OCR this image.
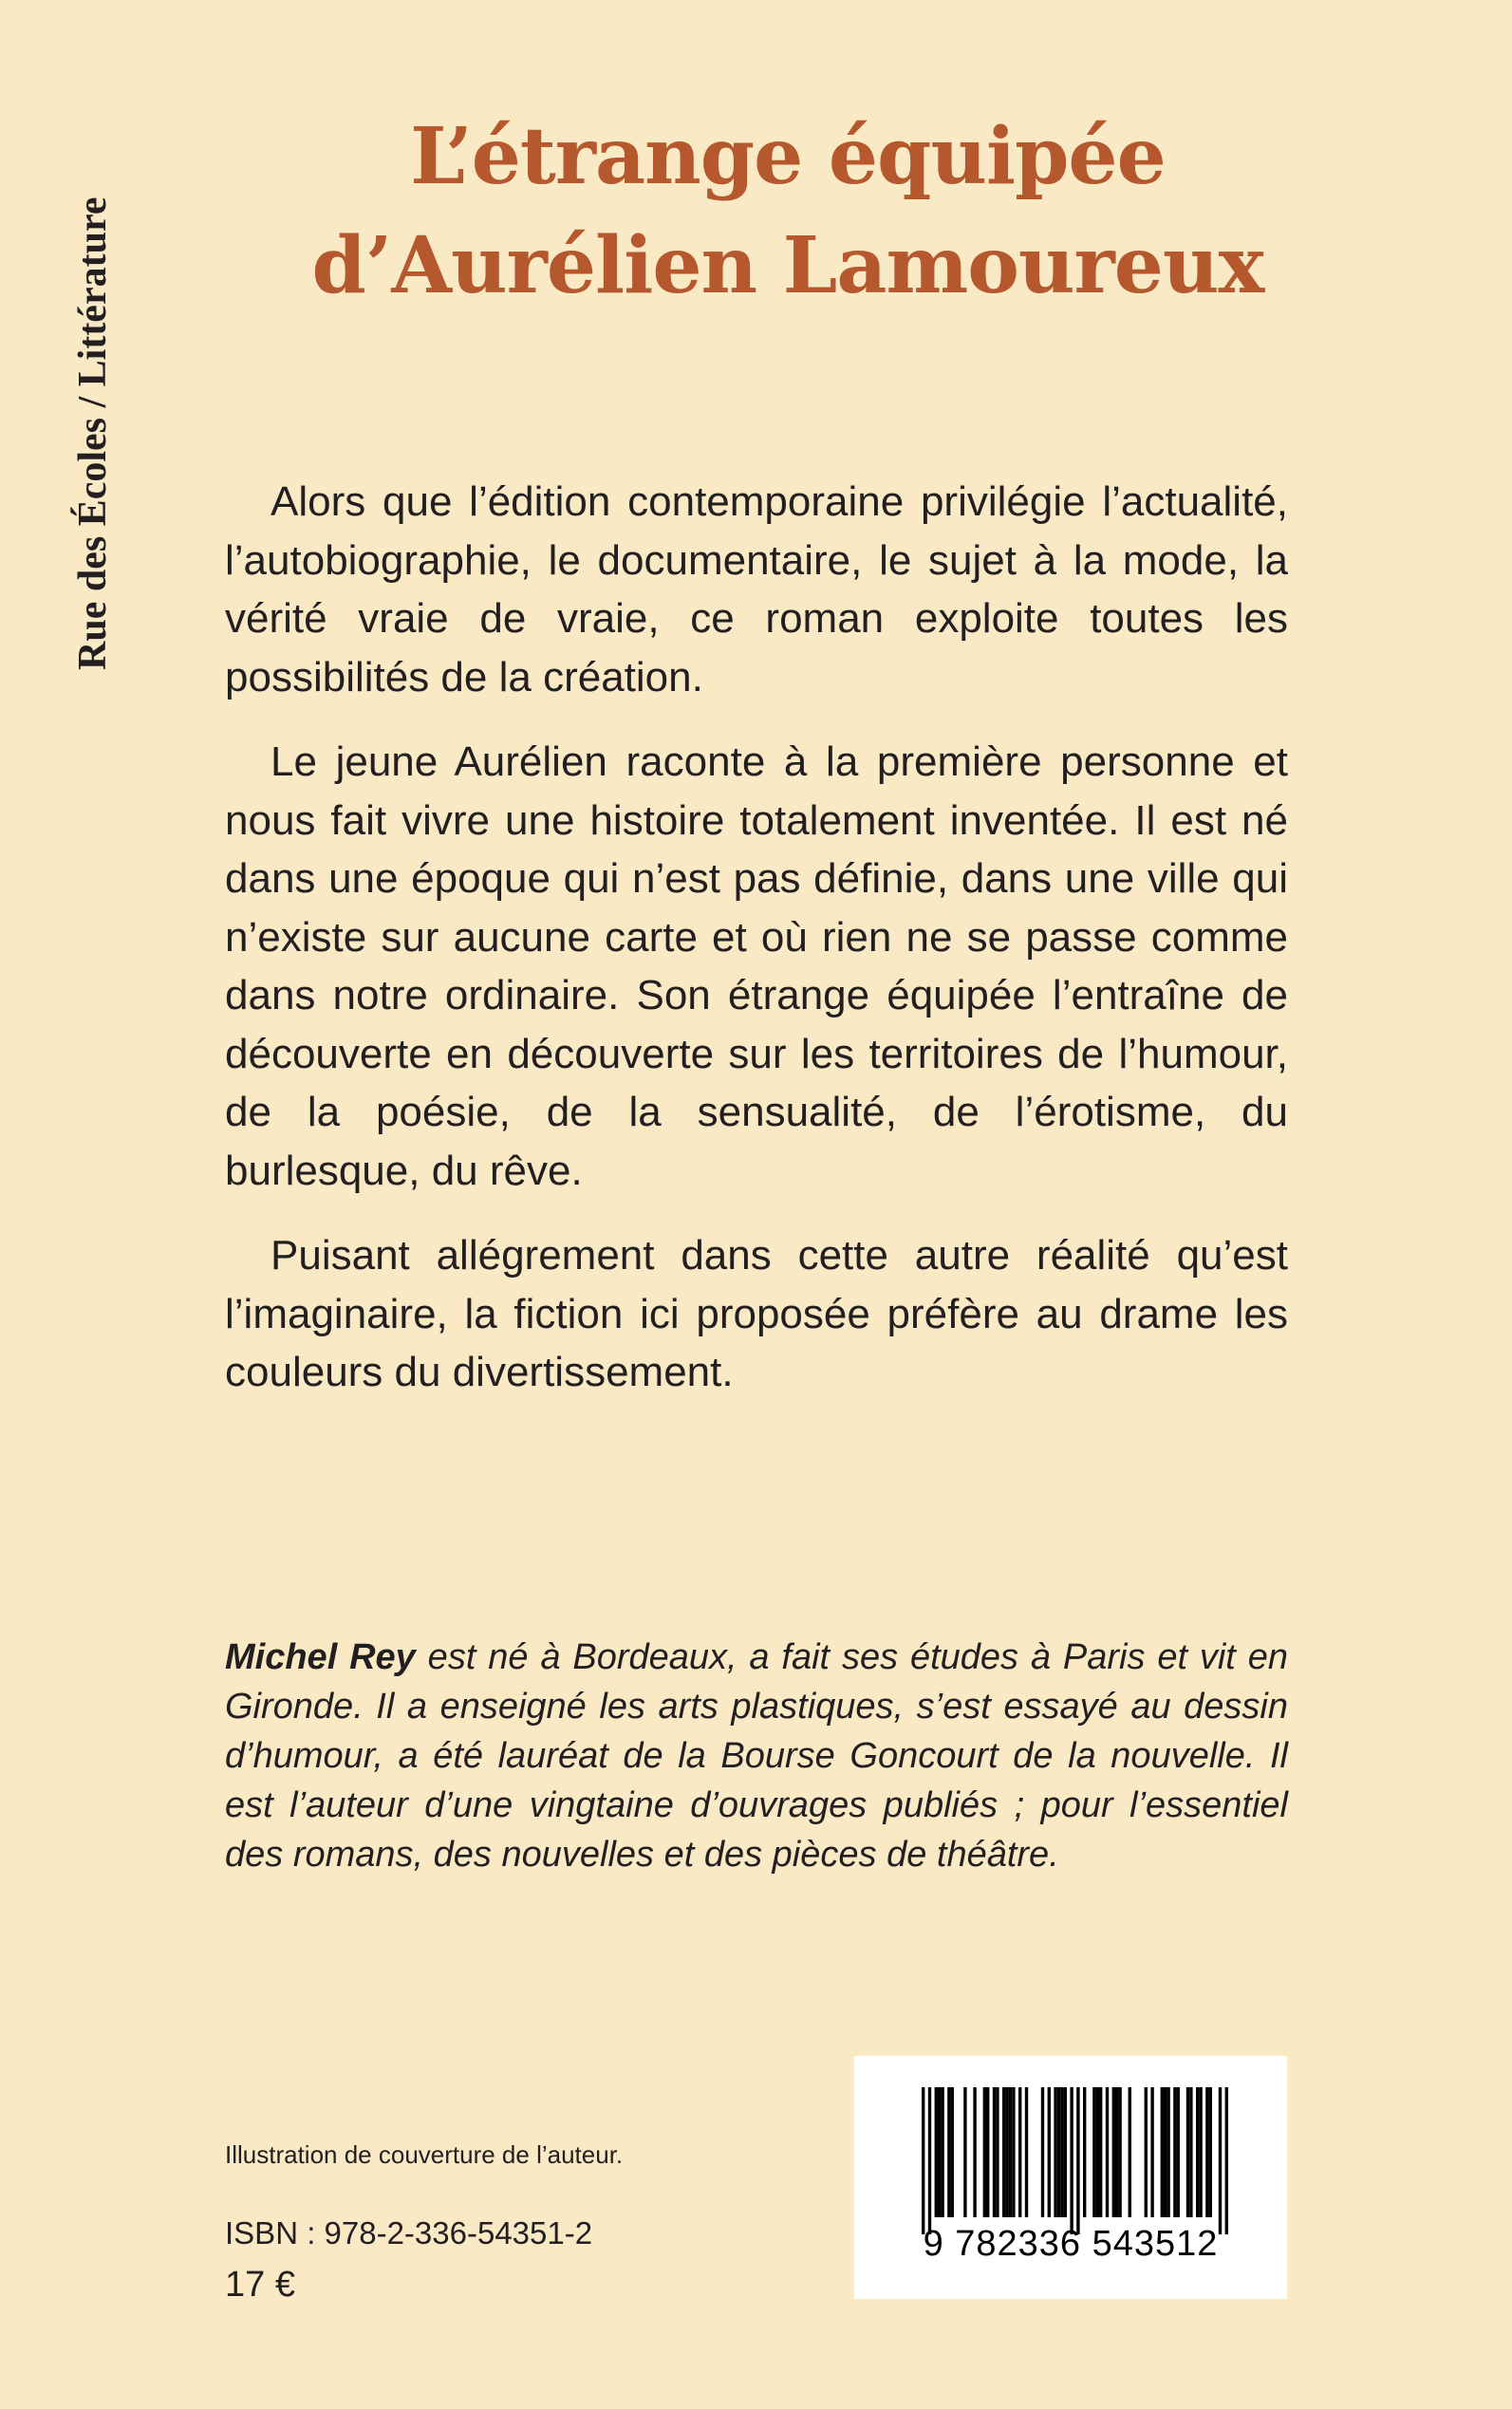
Rue des Écoles / Littérature
L’étrange équipée
d’Aurélien Lamoureux

Alors que l’édition contemporaine privilégie l’actualité, l’autobiographie, le documentaire, le sujet à la mode, la vérité vraie de vraie, ce roman exploite toutes les possibilités de la création.

Le jeune Aurélien raconte à la première personne et nous fait vivre une histoire totalement inventée. Il est né dans une époque qui n’est pas définie, dans une ville qui n’existe sur aucune carte et où rien ne se passe comme dans notre ordinaire. Son étrange équipée l’entraîne de découverte en découverte sur les territoires de l’humour, de la poésie, de la sensualité, de l’érotisme, du burlesque, du rêve.

Puisant allégrement dans cette autre réalité qu’est l’imaginaire, la fiction ici proposée préfère au drame les couleurs du divertissement.

Michel Rey est né à Bordeaux, a fait ses études à Paris et vit en Gironde. Il a enseigné les arts plastiques, s’est essayé au dessin d’humour, a été lauréat de la Bourse Goncourt de la nouvelle. Il est l’auteur d’une vingtaine d’ouvrages publiés ; pour l’essentiel des romans, des nouvelles et des pièces de théâtre.
Illustration de couverture de l’auteur.
ISBN : 978-2-336-54351-2
17 €
9 782336 543512
